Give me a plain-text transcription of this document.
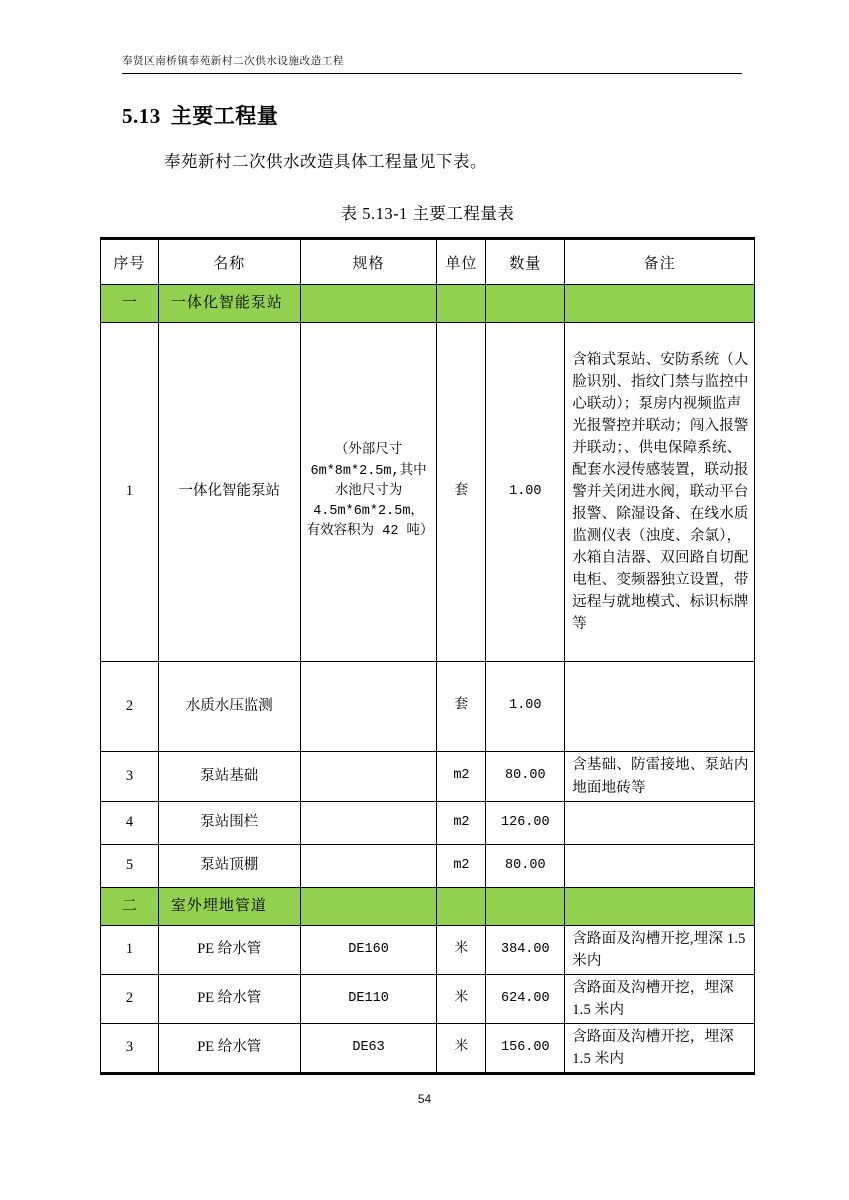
奉贤区南桥镇奉苑新村二次供水设施改造工程
5.13 主要工程量

奉苑新村二次供水改造具体工程量见下表。

表 5.13-1 主要工程量表
序号	名称	规格	单位	数量	备注
一	一体化智能泵站				
1	一体化智能泵站	（外部尺寸 6m*8m*2.5m,其中水池尺寸为 4.5m*6m*2.5m，有效容积为 42 吨）	套	1.00	含箱式泵站、安防系统（人脸识别、指纹门禁与监控中心联动）；泵房内视频监声光报警控并联动；闯入报警并联动；、供电保障系统、配套水浸传感装置，联动报警并关闭进水阀，联动平台报警、除湿设备、在线水质监测仪表（浊度、余氯），水箱自洁器、双回路自切配电柜、变频器独立设置，带远程与就地模式、标识标牌等
2	水质水压监测		套	1.00	
3	泵站基础		m2	80.00	含基础、防雷接地、泵站内地面地砖等
4	泵站围栏		m2	126.00	
5	泵站顶棚		m2	80.00	
二	室外埋地管道				
1	PE 给水管	DE160	米	384.00	含路面及沟槽开挖,埋深 1.5 米内
2	PE 给水管	DE110	米	624.00	含路面及沟槽开挖，埋深 1.5 米内
3	PE 给水管	DE63	米	156.00	含路面及沟槽开挖，埋深 1.5 米内
54
